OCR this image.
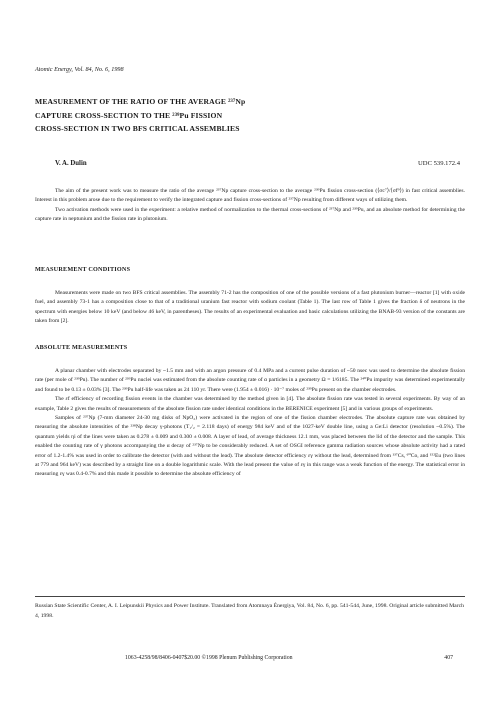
Atomic Energy, Vol. 84, No. 6, 1998
MEASUREMENT OF THE RATIO OF THE AVERAGE ²³⁷Np
CAPTURE CROSS-SECTION TO THE ²³⁹Pu FISSION
CROSS-SECTION IN TWO BFS CRITICAL ASSEMBLIES
V. A. Dulin	UDC 539.172.4

The aim of the present work was to measure the ratio of the average ²³⁷Np capture cross-section to the average ²³⁹Pu fission cross-section (⟨σc⁷⟩/⟨σf⁹⟩) in fast critical assemblies. Interest in this problem arose due to the requirement to verify the integrated capture and fission cross-sections of ²³⁷Np resulting from different ways of utilizing them.

Two activation methods were used in the experiment: a relative method of normalization to the thermal cross-sections of ²³⁷Np and ²³⁹Pu, and an absolute method for determining the capture rate in neptunium and the fission rate in plutonium.

MEASUREMENT CONDITIONS

Measurements were made on two BFS critical assemblies. The assembly 71-2 has the composition of one of the possible versions of a fast plutonium burner—reactor [1] with oxide fuel, and assembly 73-1 has a composition close to that of a traditional uranium fast reactor with sodium coolant (Table 1). The last row of Table 1 gives the fraction δ of neutrons in the spectrum with energies below 10 keV (and below 46 keV, in parentheses). The results of an experimental evaluation and basic calculations utilizing the BNAB-93 version of the constants are taken from [2].

ABSOLUTE MEASUREMENTS

A planar chamber with electrodes separated by ~1.5 mm and with an argon pressure of 0.4 MPa and a current pulse duration of ~50 nsec was used to determine the absolute fission rate (per mole of ²³⁹Pu). The number of ²³⁹Pu nuclei was estimated from the absolute counting rate of α particles in a geometry Ω = 1/6185. The ²⁴⁰Pu impurity was determined experimentally and found to be 0.13 ± 0.03% [3]. The ²³⁹Pu half-life was taken as 24 110 yr. There were (1.954 ± 0.016) · 10⁻⁷ moles of ²³⁹Pu present on the chamber electrodes.

The εf efficiency of recording fission events in the chamber was determined by the method given in [4]. The absolute fission rate was tested in several experiments. By way of an example, Table 2 gives the results of measurements of the absolute fission rate under identical conditions in the BERENICE experiment [5] and in various groups of experiments.

Samples of ²³⁷Np (7-mm diameter 24-30 mg disks of NpO₂) were activated in the region of one of the fission chamber electrodes. The absolute capture rate was obtained by measuring the absolute intensities of the ²³⁸Np decay γ-photons (T₁/₂ = 2.118 days) of energy 984 keV and of the 1027-keV double line, using a Ge:Li detector (resolution ~0.5%). The quantum yields ηi of the lines were taken as 0.278 ± 0.009 and 0.300 ± 0.008. A layer of lead, of average thickness 12.1 mm, was placed between the lid of the detector and the sample. This enabled the counting rate of γ photons accompanying the α decay of ²³⁷Np to be considerably reduced. A set of OSGI reference gamma radiation sources whose absolute activity had a rated error of 1.2-1.4% was used in order to calibrate the detector (with and without the lead). The absolute detector efficiency εγ without the lead, determined from ¹³⁷Cs, ⁶⁰Co, and ¹⁵²Eu (two lines at 779 and 964 keV) was described by a straight line on a double logarithmic scale. With the lead present the value of εγ in this range was a weak function of the energy. The statistical error in measuring εγ was 0.4-0.7% and this made it possible to determine the absolute efficiency of

Russian State Scientific Center, A. I. Leipunskii Physics and Power Institute. Translated from Atomnaya Énergiya, Vol. 84, No. 6, pp. 541-544, June, 1998. Original article submitted March 4, 1998.
1063-4258/98/8406-0407$20.00 ©1998 Plenum Publishing Corporation	407
